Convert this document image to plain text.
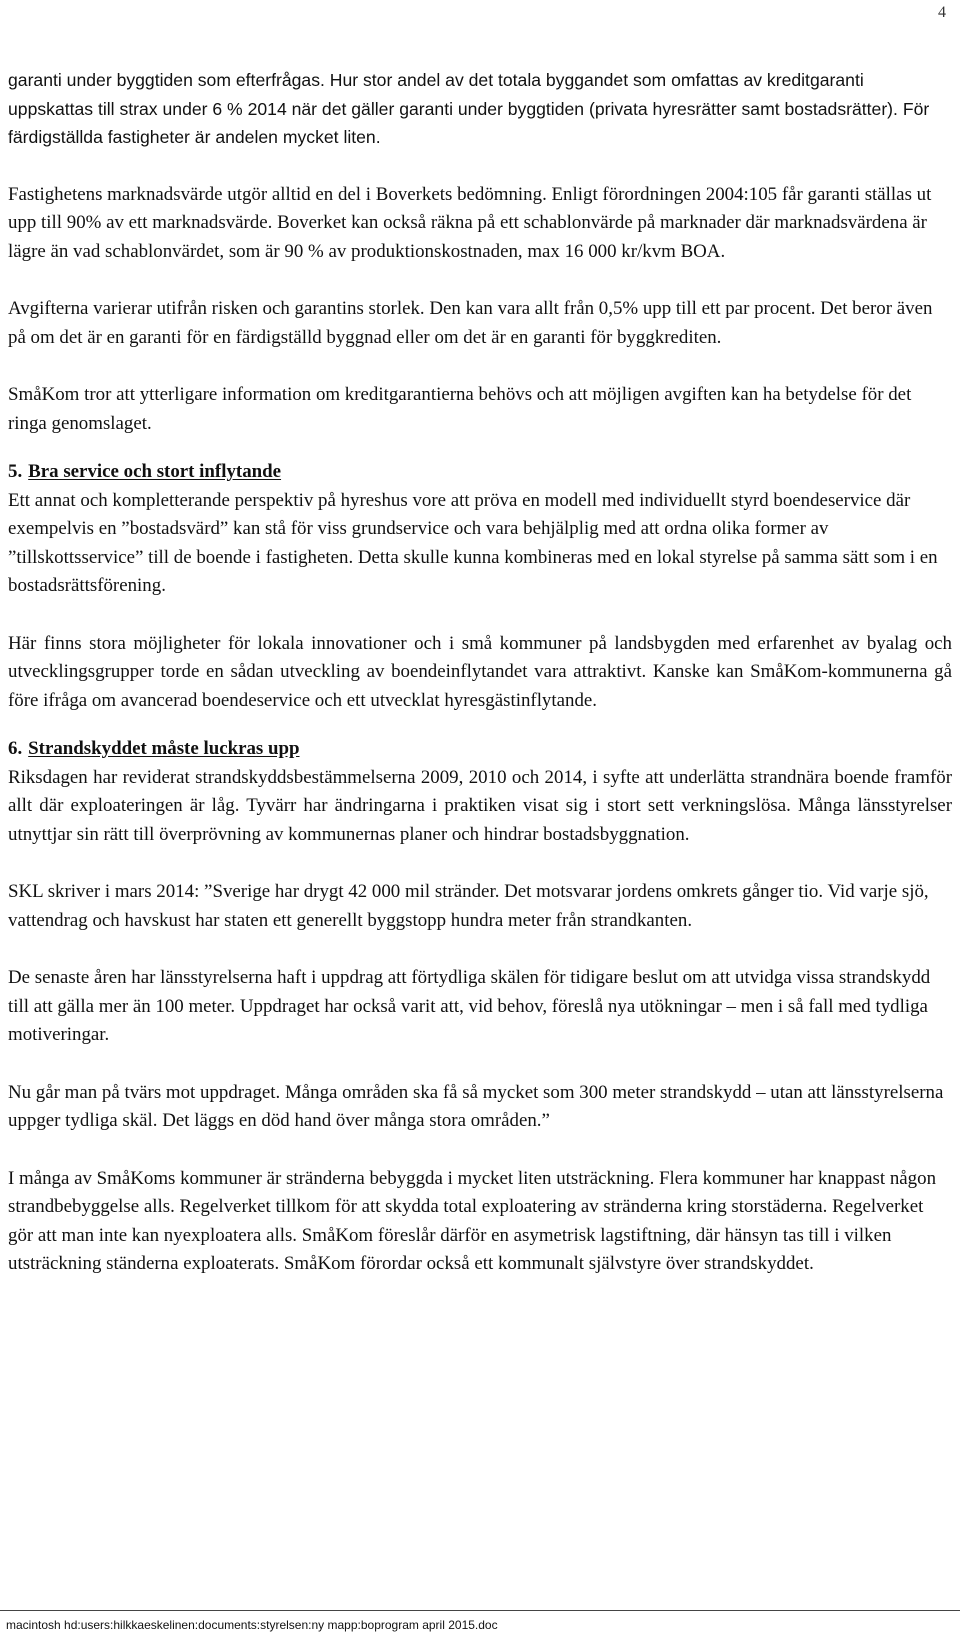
4

garanti under byggtiden som efterfrågas. Hur stor andel av det totala byggandet som omfattas av kreditgaranti uppskattas till strax under 6 % 2014 när det gäller garanti under byggtiden (privata hyresrätter samt bostadsrätter). För färdigställda fastigheter är andelen mycket liten.

Fastighetens marknadsvärde utgör alltid en del i Boverkets bedömning. Enligt förordningen 2004:105 får garanti ställas ut upp till 90% av ett marknadsvärde. Boverket kan också räkna på ett schablonvärde på marknader där marknadsvärdena är lägre än vad schablonvärdet, som är 90 % av produktionskostnaden, max 16 000 kr/kvm BOA.

Avgifterna varierar utifrån risken och garantins storlek. Den kan vara allt från 0,5% upp till ett par procent. Det beror även på om det är en garanti för en färdigställd byggnad eller om det är en garanti för byggkrediten.

SmåKom tror att ytterligare information om kreditgarantierna behövs och att möjligen avgiften kan ha betydelse för det ringa genomslaget.

5. Bra service och stort inflytande

Ett annat och kompletterande perspektiv på hyreshus vore att pröva en modell med individuellt styrd boendeservice där exempelvis en ”bostadsvärd” kan stå för viss grundservice och vara behjälplig med att ordna olika former av ”tillskottsservice” till de boende i fastigheten. Detta skulle kunna kombineras med en lokal styrelse på samma sätt som i en bostadsrättsförening.

Här finns stora möjligheter för lokala innovationer och i små kommuner på landsbygden med erfarenhet av byalag och utvecklingsgrupper torde en sådan utveckling av boendeinflytandet vara attraktivt. Kanske kan SmåKom-kommunerna gå före ifråga om avancerad boendeservice och ett utvecklat hyresgästinflytande.

6. Strandskyddet måste luckras upp

Riksdagen har reviderat strandskyddsbestämmelserna 2009, 2010 och 2014, i syfte att underlätta strandnära boende framför allt där exploateringen är låg. Tyvärr har ändringarna i praktiken visat sig i stort sett verkningslösa. Många länsstyrelser utnyttjar sin rätt till överprövning av kommunernas planer och hindrar bostadsbyggnation.

SKL skriver i mars 2014: ”Sverige har drygt 42 000 mil stränder. Det motsvarar jordens omkrets gånger tio. Vid varje sjö, vattendrag och havskust har staten ett generellt byggstopp hundra meter från strandkanten.

De senaste åren har länsstyrelserna haft i uppdrag att förtydliga skälen för tidigare beslut om att utvidga vissa strandskydd till att gälla mer än 100 meter. Uppdraget har också varit att, vid behov, föreslå nya utökningar – men i så fall med tydliga motiveringar.

Nu går man på tvärs mot uppdraget. Många områden ska få så mycket som 300 meter strandskydd – utan att länsstyrelserna uppger tydliga skäl. Det läggs en död hand över många stora områden.”

I många av SmåKoms kommuner är stränderna bebyggda i mycket liten utsträckning. Flera kommuner har knappast någon strandbebyggelse alls. Regelverket tillkom för att skydda total exploatering av stränderna kring storstäderna. Regelverket gör att man inte kan nyexploatera alls. SmåKom föreslår därför en asymetrisk lagstiftning, där hänsyn tas till i vilken utsträckning ständerna exploaterats. SmåKom förordar också ett kommunalt självstyre över strandskyddet.

macintosh hd:users:hilkkaeskelinen:documents:styrelsen:ny mapp:boprogram april 2015.doc
